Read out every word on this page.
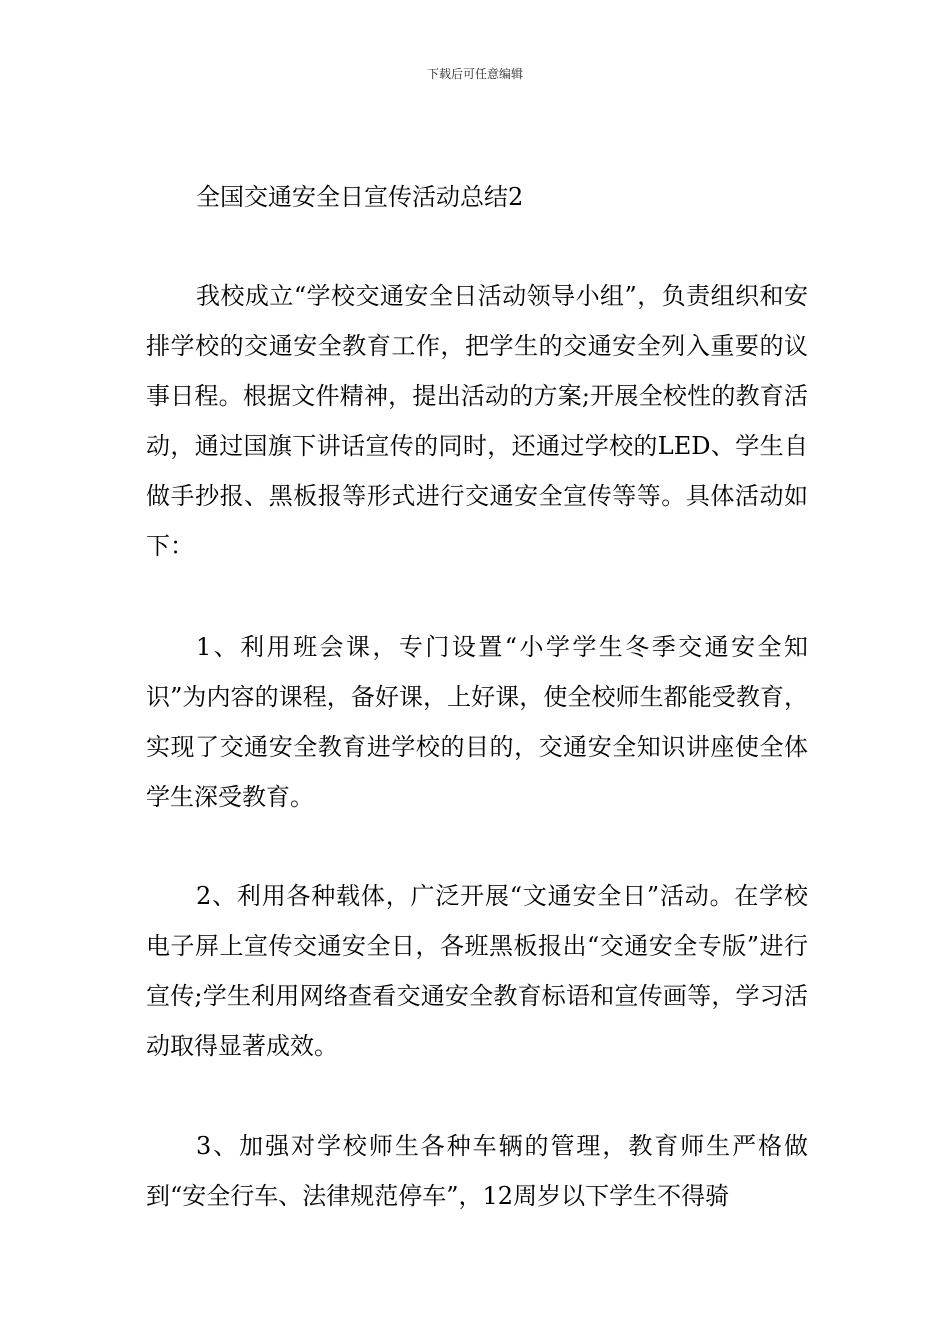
下载后可任意编辑
全国交通安全日宣传活动总结2

我校成立“学校交通安全日活动领导小组”，负责组织和安排学校的交通安全教育工作，把学生的交通安全列入重要的议事日程。根据文件精神，提出活动的方案;开展全校性的教育活动，通过国旗下讲话宣传的同时，还通过学校的LED、学生自做手抄报、黑板报等形式进行交通安全宣传等等。具体活动如下：

1、利用班会课，专门设置“小学学生冬季交通安全知识”为内容的课程，备好课，上好课，使全校师生都能受教育，实现了交通安全教育进学校的目的，交通安全知识讲座使全体学生深受教育。

2、利用各种载体，广泛开展“文通安全日”活动。在学校电子屏上宣传交通安全日，各班黑板报出“交通安全专版”进行宣传;学生利用网络查看交通安全教育标语和宣传画等，学习活动取得显著成效。

3、加强对学校师生各种车辆的管理，教育师生严格做到“安全行车、法律规范停车”，12周岁以下学生不得骑
